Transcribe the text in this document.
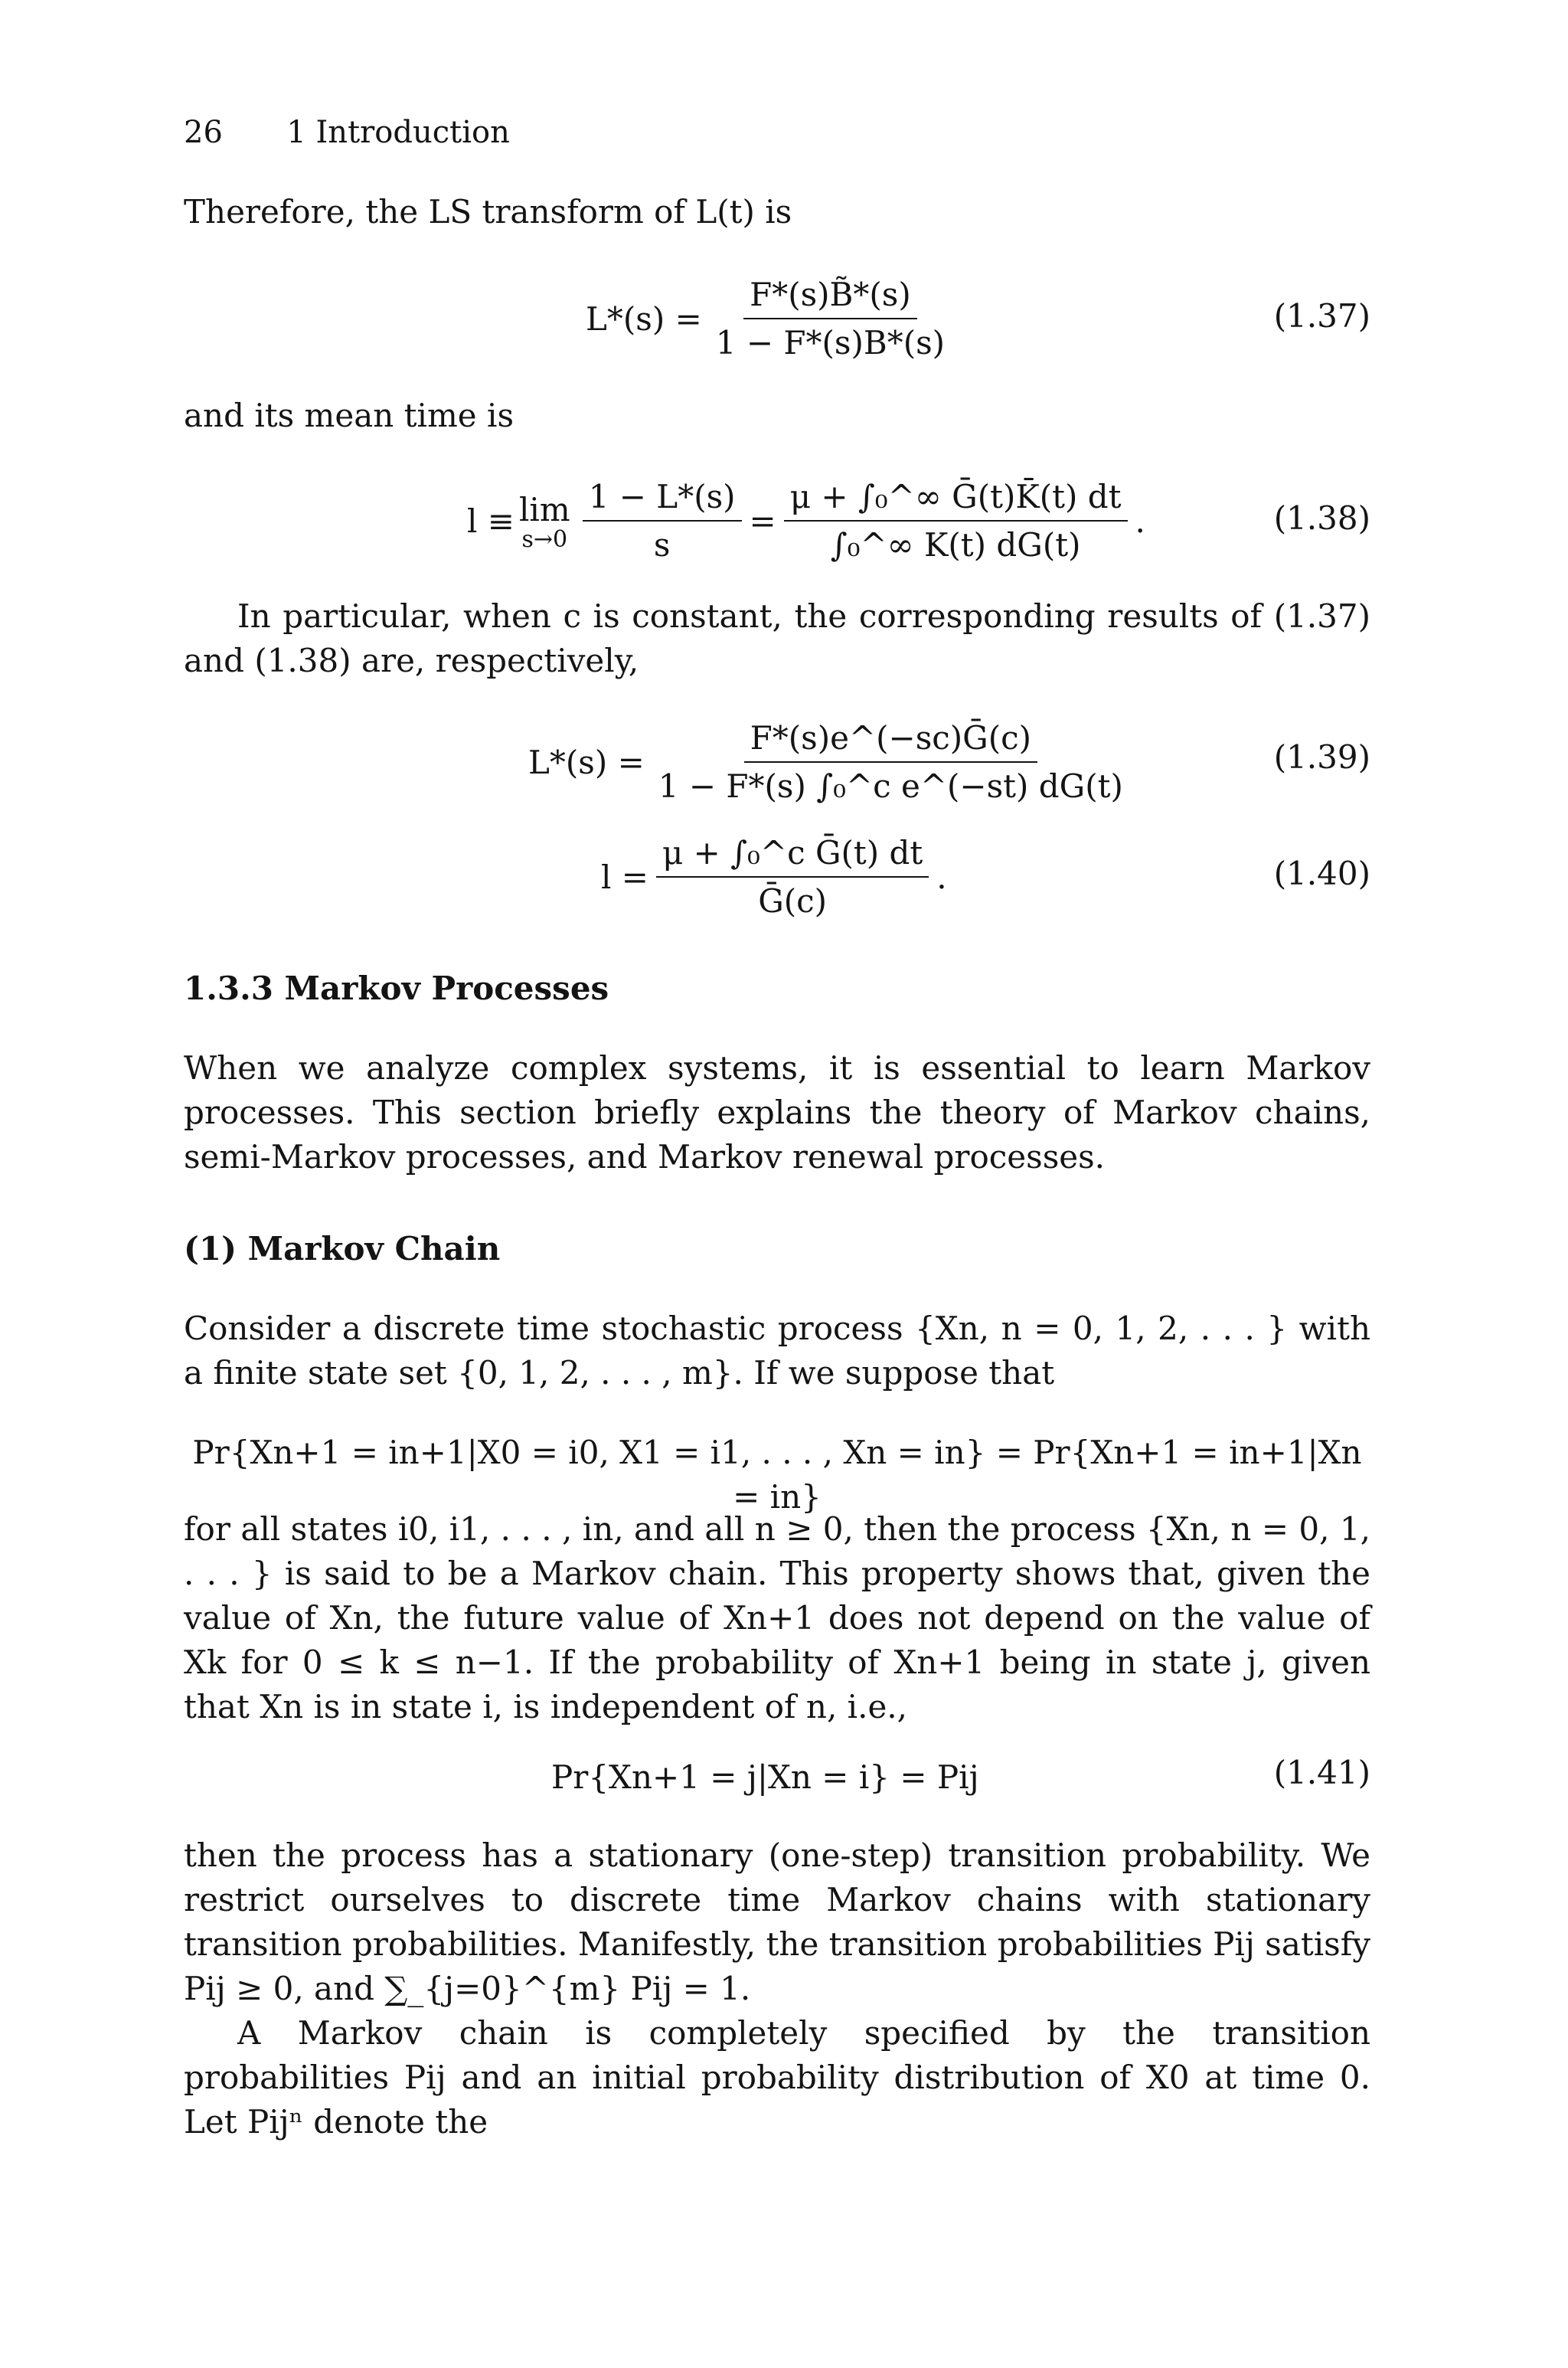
26 1 Introduction

Therefore, the LS transform of L(t) is

$L*(s) = \frac{F*(s)B̃*(s)}{1 - F*(s)B*(s)}$	(1.37)

and its mean time is

l ≡ lim
$s\to 0 \frac{1 - L*(s)}{s} = \frac{\text{μ + ∫₀\textasciicircum{}∞ Ḡ(t)K̄(t) dt}}{\text{∫₀\textasciicircum{}∞ K(t) dG(t)}}$ .	(1.38)

In particular, when c is constant, the corresponding results of (1.37) and (1.38) are, respectively,

$L*(s) = \frac{\text{F*(s)e\textasciicircum{}(−sc)Ḡ(c)}}{\text{1 − F*(s) ∫₀\textasciicircum{}c e\textasciicircum{}(−st) dG(t)}}$	(1.39)
$l = \frac{\text{μ + ∫₀\textasciicircum{}c Ḡ(t) dt}}{\text{Ḡ(c)}}$ .	(1.40)
1.3.3 Markov Processes

When we analyze complex systems, it is essential to learn Markov processes. This section briefly explains the theory of Markov chains, semi-Markov processes, and Markov renewal processes.

(1) Markov Chain

Consider a discrete time stochastic process {Xn, n = 0, 1, 2, . . . } with a finite state set {0, 1, 2, . . . , m}. If we suppose that

Pr{Xn+1 = in+1|X0 = i0, X1 = i1, . . . , Xn = in} = Pr{Xn+1 = in+1|Xn = in}

for all states i0, i1, . . . , in, and all n ≥ 0, then the process {Xn, n = 0, 1, . . . } is said to be a Markov chain. This property shows that, given the value of Xn, the future value of Xn+1 does not depend on the value of Xk for 0 ≤ k ≤ n−1. If the probability of Xn+1 being in state j, given that Xn is in state i, is independent of n, i.e.,

Pr{Xn+1 = j|Xn = i} = Pij	(1.41)

then the process has a stationary (one-step) transition probability. We restrict ourselves to discrete time Markov chains with stationary transition probabilities. Manifestly, the transition probabilities Pij satisfy Pij ≥ 0, and ∑_{j=0}^{m} Pij = 1.

A Markov chain is completely specified by the transition probabilities Pij and an initial probability distribution of X0 at time 0. Let Pijⁿ denote the
